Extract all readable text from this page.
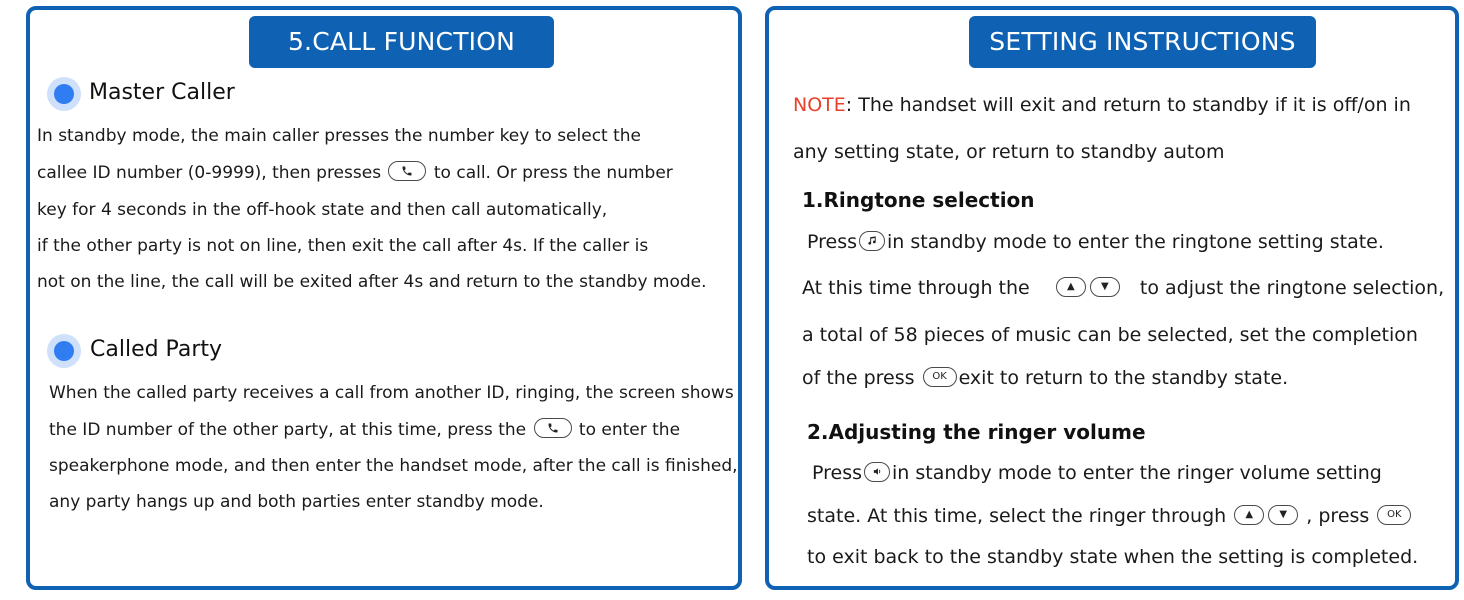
5.CALL FUNCTION
Master Caller
In standby mode, the main caller presses the number key to select the
callee ID number (0-9999), then presses	to call. Or press the number
key for 4 seconds in the off-hook state and then call automatically,
if the other party is not on line, then exit the call after 4s. If the caller is
not on the line, the call will be exited after 4s and return to the standby mode.
Called Party
When the called party receives a call from another ID, ringing, the screen shows
the ID number of the other party, at this time, press the	to enter the
speakerphone mode, and then enter the handset mode, after the call is finished,
any party hangs up and both parties enter standby mode.
SETTING INSTRUCTIONS
NOTE: The handset will exit and return to standby if it is off/on in
any setting state, or return to standby autom
1.Ringtone selection
Press in standby mode to enter the ringtone setting state.
At this time through the	▲	▼ to adjust the ringtone selection,
a total of 58 pieces of music can be selected, set the completion
of the press OK exit to return to the standby state.
2.Adjusting the ringer volume
Press in standby mode to enter the ringer volume setting
state. At this time, select the ringer through ▲	▼ , press OK
to exit back to the standby state when the setting is completed.
